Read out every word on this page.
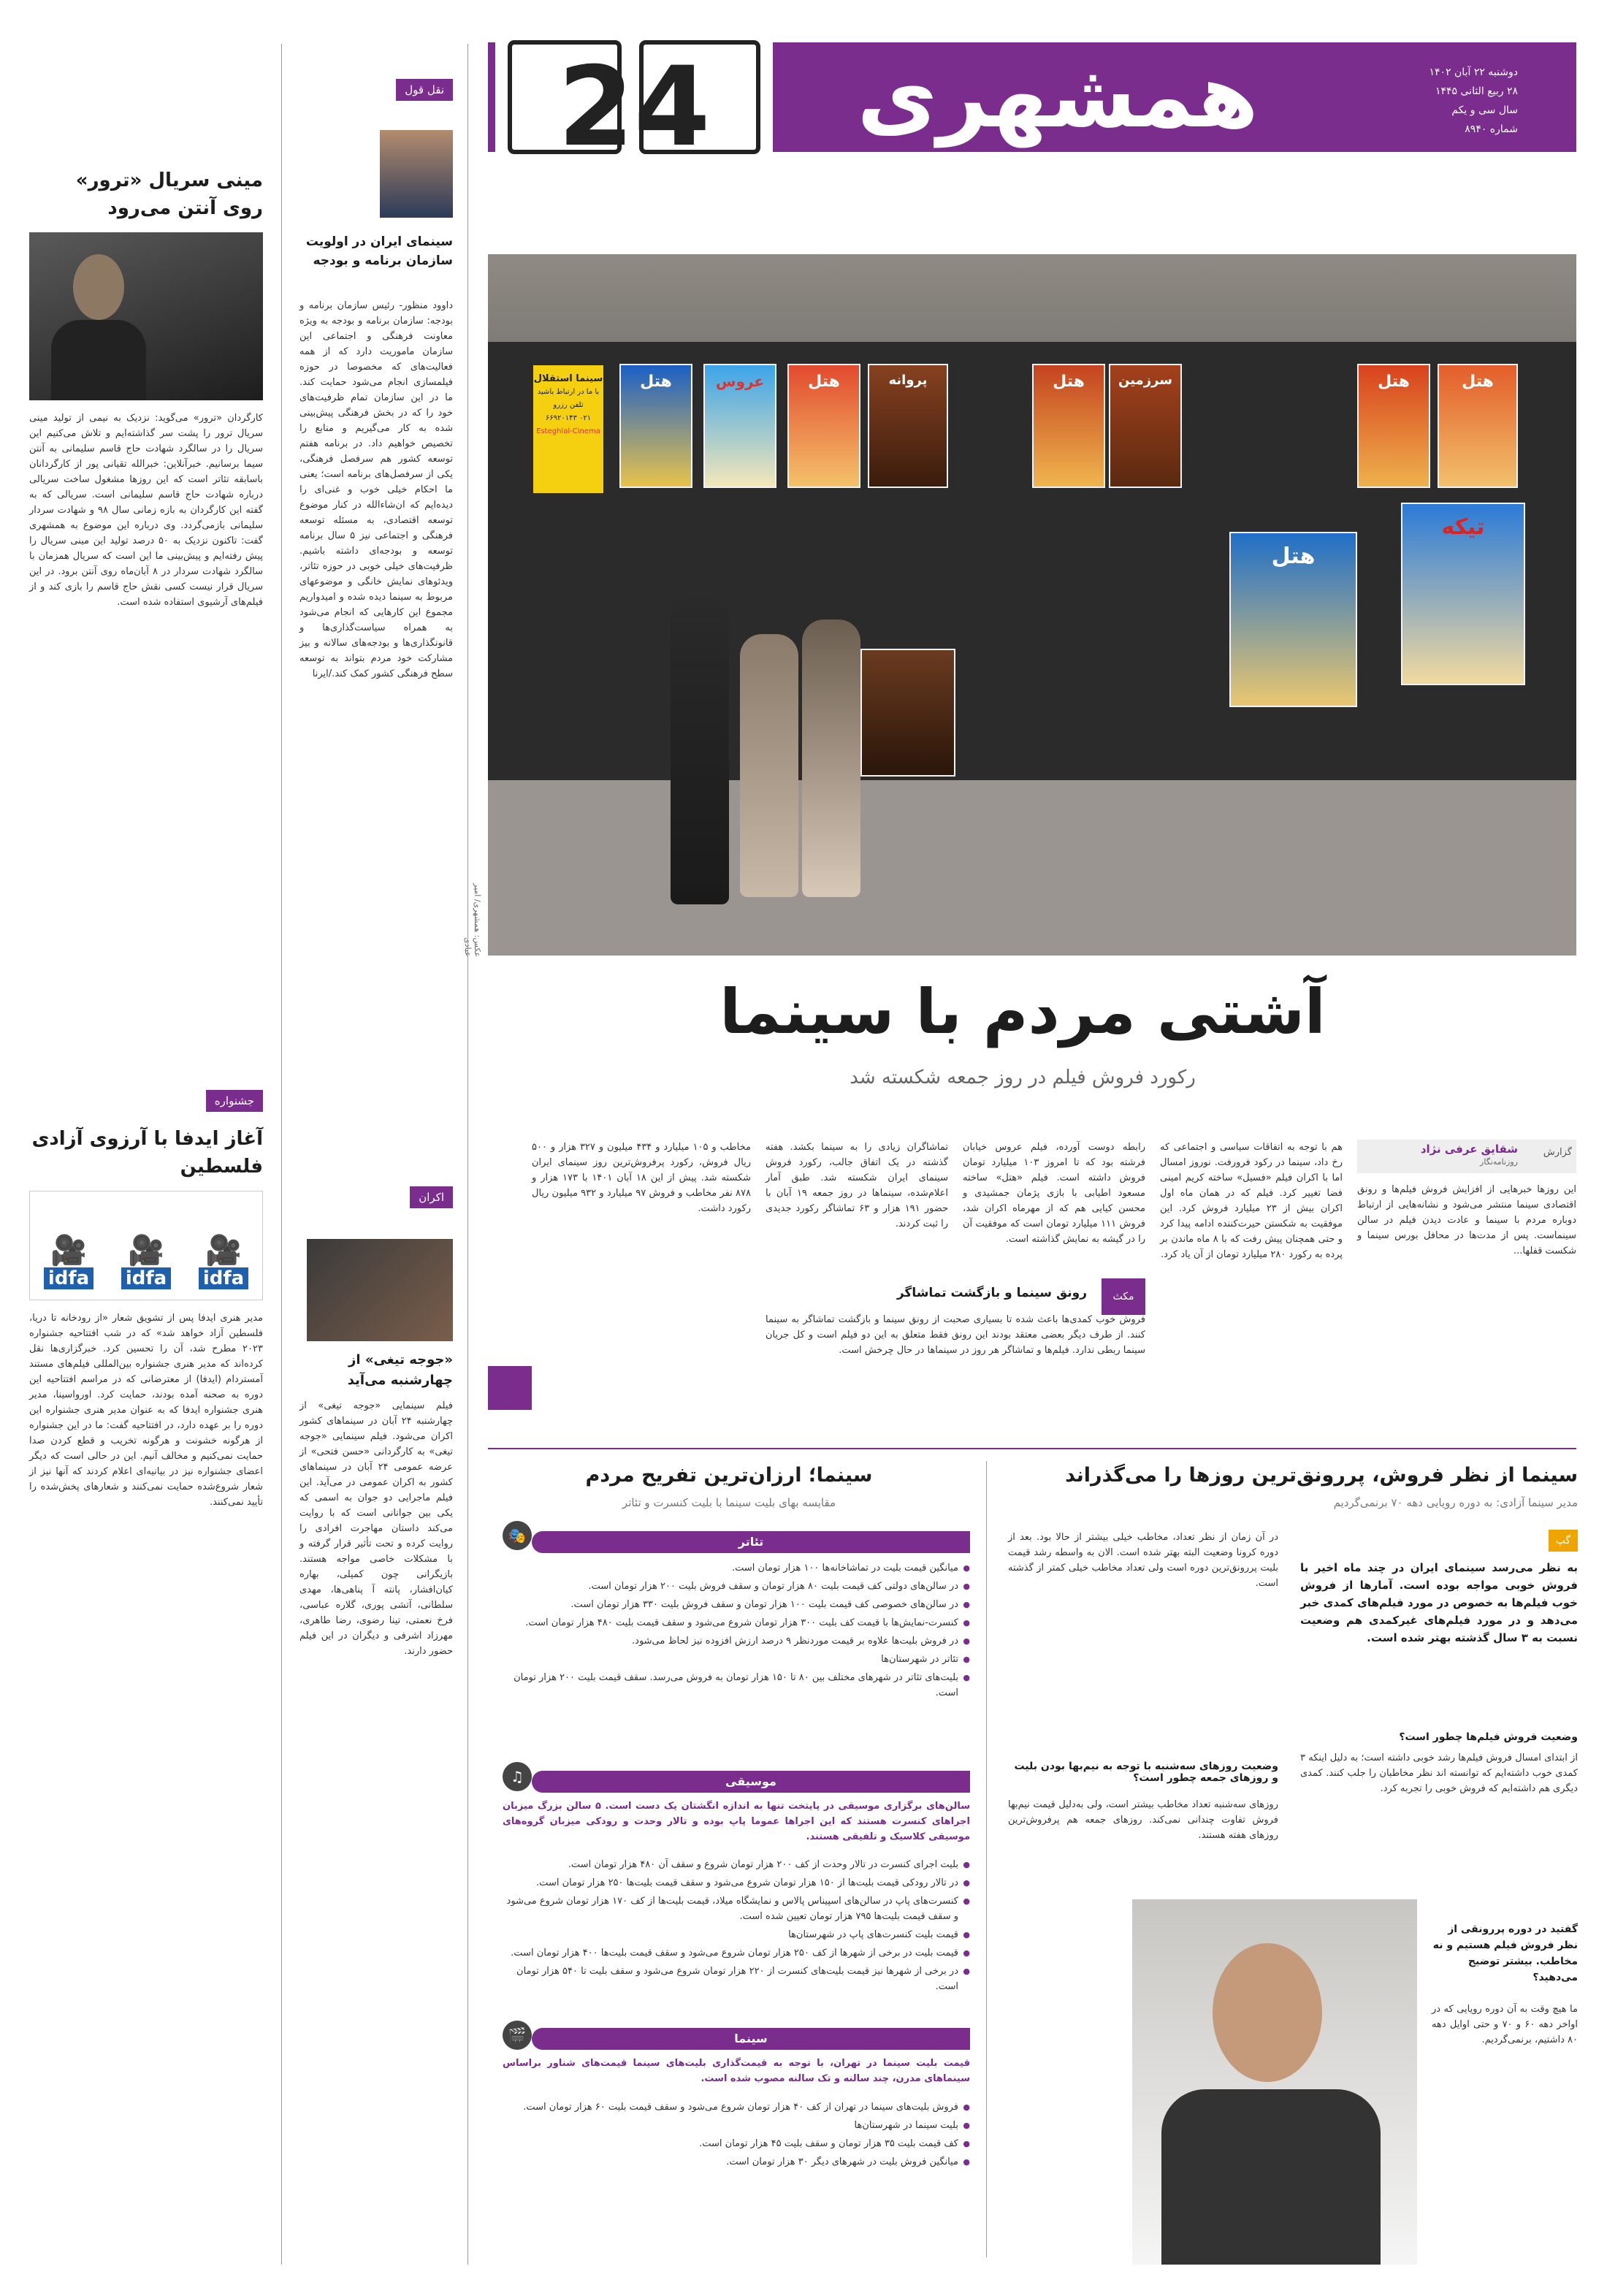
24	همشهری	دوشنبه ۲۲ آبان ۱۴۰۲
۲۸ ربیع الثانی ۱۴۴۵
سال سی و یکم
شماره ۸۹۴۰
مینی سریال «ترور» روی آنتن می‌رود
کارگردان «ترور» می‌گوید: نزدیک به نیمی از تولید مینی سریال ترور را پشت سر گذاشته‌ایم و تلاش می‌کنیم این سریال را در سالگرد شهادت حاج قاسم سلیمانی به آنتن سیما برسانیم. خبرآنلاین: خبرالله تقیانی پور از کارگردانان باسابقه تئاتر است که این روزها مشغول ساخت سریالی درباره شهادت حاج قاسم سلیمانی است. سریالی که به گفته این کارگردان به بازه زمانی سال ۹۸ و شهادت سردار سلیمانی بازمی‌گردد. وی درباره این موضوع به همشهری گفت: تاکنون نزدیک به ۵۰ درصد تولید این مینی سریال را پیش رفته‌ایم و پیش‌بینی ما این است که سریال همزمان با سالگرد شهادت سردار در ۸ آبان‌ماه روی آنتن برود. در این سریال قرار نیست کسی نقش حاج قاسم را بازی کند و از فیلم‌های آرشیوی استفاده شده است.
جشنواره
آغاز ایدفا با آرزوی آزادی فلسطین
🎥
idfa
🎥
idfa
🎥
idfa
مدیر هنری ایدفا پس از تشویق شعار «از رودخانه تا دریا، فلسطین آزاد خواهد شد» که در شب افتتاحیه جشنواره ۲۰۲۳ مطرح شد، آن را تحسین کرد. خبرگزاری‌ها نقل کرده‌اند که مدیر هنری جشنواره بین‌المللی فیلم‌های مستند آمستردام (ایدفا) از معترضانی که در مراسم افتتاحیه این دوره به صحنه آمده بودند، حمایت کرد. اورواسینا، مدیر هنری جشنواره ایدفا که به عنوان مدیر هنری جشنواره این دوره را بر عهده دارد، در افتتاحیه گفت: ما در این جشنواره از هرگونه خشونت و هرگونه تخریب و قطع کردن صدا حمایت نمی‌کنیم و مخالف آنیم. این در حالی است که دیگر اعضای جشنواره نیز در بیانیه‌ای اعلام کردند که آنها نیز از شعار شروع‌شده حمایت نمی‌کنند و شعارهای پخش‌شده را تأیید نمی‌کنند.
نقل قول
سینمای ایران در اولویت سازمان برنامه و بودجه
داوود منظور- رئیس سازمان برنامه و بودجه: سازمان برنامه و بودجه به ویژه معاونت فرهنگی و اجتماعی این سازمان ماموریت دارد که از همه فعالیت‌های که مخصوصا در حوزه فیلمسازی انجام می‌شود حمایت کند. ما در این سازمان تمام ظرفیت‌های خود را که در بخش فرهنگی پیش‌بینی شده به کار می‌گیریم و منابع را تخصیص خواهیم داد. در برنامه هفتم توسعه کشور هم سرفصل فرهنگی، یکی از سرفصل‌های برنامه است؛ یعنی ما احکام خیلی خوب و غنی‌ای را دیده‌ایم که ان‌شاءالله در کنار موضوع توسعه اقتصادی، به مسئله توسعه فرهنگی و اجتماعی نیز ۵ سال برنامه توسعه و بودجه‌ای داشته باشیم. ظرفیت‌های خیلی خوبی در حوزه تئاتر، ویدئوهای نمایش خانگی و موضوعهای مربوط به سینما دیده شده و امیدواریم مجموع این کارهایی که انجام می‌شود به همراه سیاست‌گذاری‌ها و قانونگذاری‌ها و بودجه‌های سالانه و بیز مشارکت خود مردم بتواند به توسعه سطح فرهنگی کشور کمک کند./ایرنا
اکران
«جوجه تیغی» از چهارشنبه می‌آید
فیلم سینمایی «جوجه تیغی» از چهارشنبه ۲۴ آبان در سینماهای کشور اکران می‌شود. فیلم سینمایی «جوجه تیغی» به کارگردانی «حسن فتحی» از عرضه عمومی ۲۴ آبان در سینماهای کشور به اکران عمومی در می‌آید. این فیلم ماجرایی دو جوان به اسمی که یکی بین جوانانی است که با روایت می‌کند داستان مهاجرت افرادی را روایت کرده و تحت تأثیر قرار گرفته و با مشکلات خاصی مواجه هستند. بازیگرانی چون کمیلی، بهاره کیان‌افشار، پانته آ پناهی‌ها، مهدی سلطانی، آتشی پوری، گلاره عباسی، فرخ نعمتی، تینا رضوی، رضا طاهری، مهرزاد اشرفی و دیگران در این فیلم حضور دارند.
سینما استقلال
با ما در ارتباط باشید
تلفن رزرو
۰۲۱ ۶۶۹۲۰۱۴۳
Esteghlal-Cinema
هتل	عروس	هتل	پروانه	هتل	سرزمین	هتل	هتل
تیکه
هتل
عکس: همشهری/ امیر عبادی
آشتی مردم با سینما
رکورد فروش فیلم در روز جمعه شکسته شد
گزارش
شقایق عرفی نژاد
روزنامه‌نگار
این روزها خبرهایی از افزایش فروش فیلم‌ها و رونق اقتصادی سینما منتشر می‌شود و نشانه‌هایی از ارتباط دوباره مردم با سینما و عادت دیدن فیلم در سالن سینماست. پس از مدت‌ها در محافل بورس سینما و شکست قفلها...
هم با توجه به اتفاقات سیاسی و اجتماعی که رخ داد، سینما در رکود فرورفت. نوروز امسال اما با اکران فیلم «فسیل» ساخته کریم امینی فضا تغییر کرد. فیلم که در همان ماه اول اکران بیش از ۲۳ میلیارد فروش کرد. این موفقیت به شکستن حیرت‌کننده ادامه پیدا کرد و حتی همچنان پیش رفت که با ۸ ماه ماندن بر پرده به رکورد ۲۸۰ میلیارد تومان از آن یاد کرد.
رابطه دوست آورده، فیلم عروس خیابان فرشته بود که تا امروز ۱۰۳ میلیارد تومان فروش داشته است. فیلم «هتل» ساخته مسعود اطیابی با بازی پژمان جمشیدی و محسن کیایی هم که از مهرماه اکران شد، فروش ۱۱۱ میلیارد تومان است که موفقیت آن را در گیشه به نمایش گذاشته است.
تماشاگران زیادی را به سینما بکشد. هفته گذشته در یک اتفاق جالب، رکورد فروش سینمای ایران شکسته شد. طبق آمار اعلام‌شده، سینماها در روز جمعه ۱۹ آبان با حضور ۱۹۱ هزار و ۶۳ تماشاگر رکورد جدیدی را ثبت کردند.
مخاطب و ۱۰۵ میلیارد و ۴۳۴ میلیون و ۳۲۷ هزار و ۵۰۰ ریال فروش، رکورد پرفروش‌ترین روز سینمای ایران شکسته شد. پیش از این ۱۸ آبان ۱۴۰۱ با ۱۷۳ هزار و ۸۷۸ نفر مخاطب و فروش ۹۷ میلیارد و ۹۳۲ میلیون ریال رکورد داشت.
مکث
رونق سینما و بازگشت تماشاگر
فروش خوب کمدی‌ها باعث شده تا بسیاری صحبت از رونق سینما و بازگشت تماشاگر به سینما کنند. از طرف دیگر بعضی معتقد بودند این رونق فقط متعلق به این دو فیلم است و کل جریان سینما ربطی ندارد. فیلم‌ها و تماشاگر هر روز در سینماها در حال چرخش است.
سینما از نظر فروش، پررونق‌ترین روزها را می‌گذراند
مدیر سینما آزادی: به دوره رویایی دهه ۷۰ برنمی‌گردیم
گپ
به نظر می‌رسد سینمای ایران در چند ماه اخیر با فروش خوبی مواجه بوده است. آمارها از فروش خوب فیلم‌ها به خصوص در مورد فیلم‌های کمدی خبر می‌دهد و در مورد فیلم‌های غیرکمدی هم وضعیت نسبت به ۳ سال گذشته بهتر شده است.
وضعیت فروش فیلم‌ها چطور است؟
از ابتدای امسال فروش فیلم‌ها رشد خوبی داشته است؛ به دلیل اینکه ۳ کمدی خوب داشته‌ایم که توانسته اند نظر مخاطبان را جلب کنند. کمدی دیگری هم داشته‌ایم که فروش خوبی را تجربه کرد.
گفتید در دوره پررونقی از نظر فروش فیلم هستیم و نه مخاطب. بیشتر توضیح می‌دهید؟
ما هیچ وقت به آن دوره رویایی که در اواخر دهه ۶۰ و ۷۰ و حتی اوایل دهه ۸۰ داشتیم، برنمی‌گردیم.
در آن زمان از نظر تعداد، مخاطب خیلی بیشتر از حالا بود. بعد از دوره کرونا وضعیت البته بهتر شده است. الان به واسطه رشد قیمت بلیت پررونق‌ترین دوره است ولی تعداد مخاطب خیلی کمتر از گذشته است.
وضعیت روزهای سه‌شنبه با توجه به نیم‌بها بودن بلیت و روزهای جمعه چطور است؟
روزهای سه‌شنبه تعداد مخاطب بیشتر است، ولی به‌دلیل قیمت نیم‌بها فروش تفاوت چندانی نمی‌کند. روزهای جمعه هم پرفروش‌ترین روزهای هفته هستند.
سینما؛ ارزان‌ترین تفریح مردم
مقایسه بهای بلیت سینما با بلیت کنسرت و تئاتر
🎭	تئاتر
● میانگین قیمت بلیت در تماشاخانه‌ها ۱۰۰ هزار تومان است.
● در سالن‌های دولتی کف قیمت بلیت ۸۰ هزار تومان و سقف فروش بلیت ۲۰۰ هزار تومان است.
● در سالن‌های خصوصی کف قیمت بلیت ۱۰۰ هزار تومان و سقف فروش بلیت ۳۳۰ هزار تومان است.
● کنسرت-نمایش‌ها با قیمت کف بلیت ۳۰۰ هزار تومان شروع می‌شود و سقف قیمت بلیت ۴۸۰ هزار تومان است.
● در فروش بلیت‌ها علاوه بر قیمت موردنظر ۹ درصد ارزش افزوده نیز لحاظ می‌شود.
● تئاتر در شهرستان‌ها
● بلیت‌های تئاتر در شهرهای مختلف بین ۸۰ تا ۱۵۰ هزار تومان به فروش می‌رسد. سقف قیمت بلیت ۲۰۰ هزار تومان است.
♫	موسیقی
سالن‌های برگزاری موسیقی در پایتخت تنها به اندازه انگشتان یک دست است. ۵ سالن بزرگ میزبان اجراهای کنسرت هستند که این اجراها عموما پاپ بوده و تالار وحدت و رودکی میزبان گروه‌های موسیقی کلاسیک و تلفیقی هستند.
● بلیت اجرای کنسرت در تالار وحدت از کف ۲۰۰ هزار تومان شروع و سقف آن ۴۸۰ هزار تومان است.
● در تالار رودکی قیمت بلیت‌ها از ۱۵۰ هزار تومان شروع می‌شود و سقف قیمت بلیت‌ها ۲۵۰ هزار تومان است.
● کنسرت‌های پاپ در سالن‌های اسپیناس پالاس و نمایشگاه میلاد، قیمت بلیت‌ها از کف ۱۷۰ هزار تومان شروع می‌شود و سقف قیمت بلیت‌ها ۷۹۵ هزار تومان تعیین شده است.
● قیمت بلیت کنسرت‌های پاپ در شهرستان‌ها
● قیمت بلیت در برخی از شهرها از کف ۲۵۰ هزار تومان شروع می‌شود و سقف قیمت بلیت‌ها ۴۰۰ هزار تومان است.
● در برخی از شهرها نیز قیمت بلیت‌های کنسرت از ۲۲۰ هزار تومان شروع می‌شود و سقف بلیت تا ۵۴۰ هزار تومان است.
🎬	سینما
قیمت بلیت سینما در تهران، با توجه به قیمت‌گذاری بلیت‌های سینما قیمت‌های شناور براساس سینماهای مدرن، چند سالنه و تک سالنه مصوب شده است.
● فروش بلیت‌های سینما در تهران از کف ۴۰ هزار تومان شروع می‌شود و سقف قیمت بلیت ۶۰ هزار تومان است.
● بلیت سینما در شهرستان‌ها
● کف قیمت بلیت ۳۵ هزار تومان و سقف بلیت ۴۵ هزار تومان است.
● میانگین فروش بلیت در شهرهای دیگر ۳۰ هزار تومان است.
